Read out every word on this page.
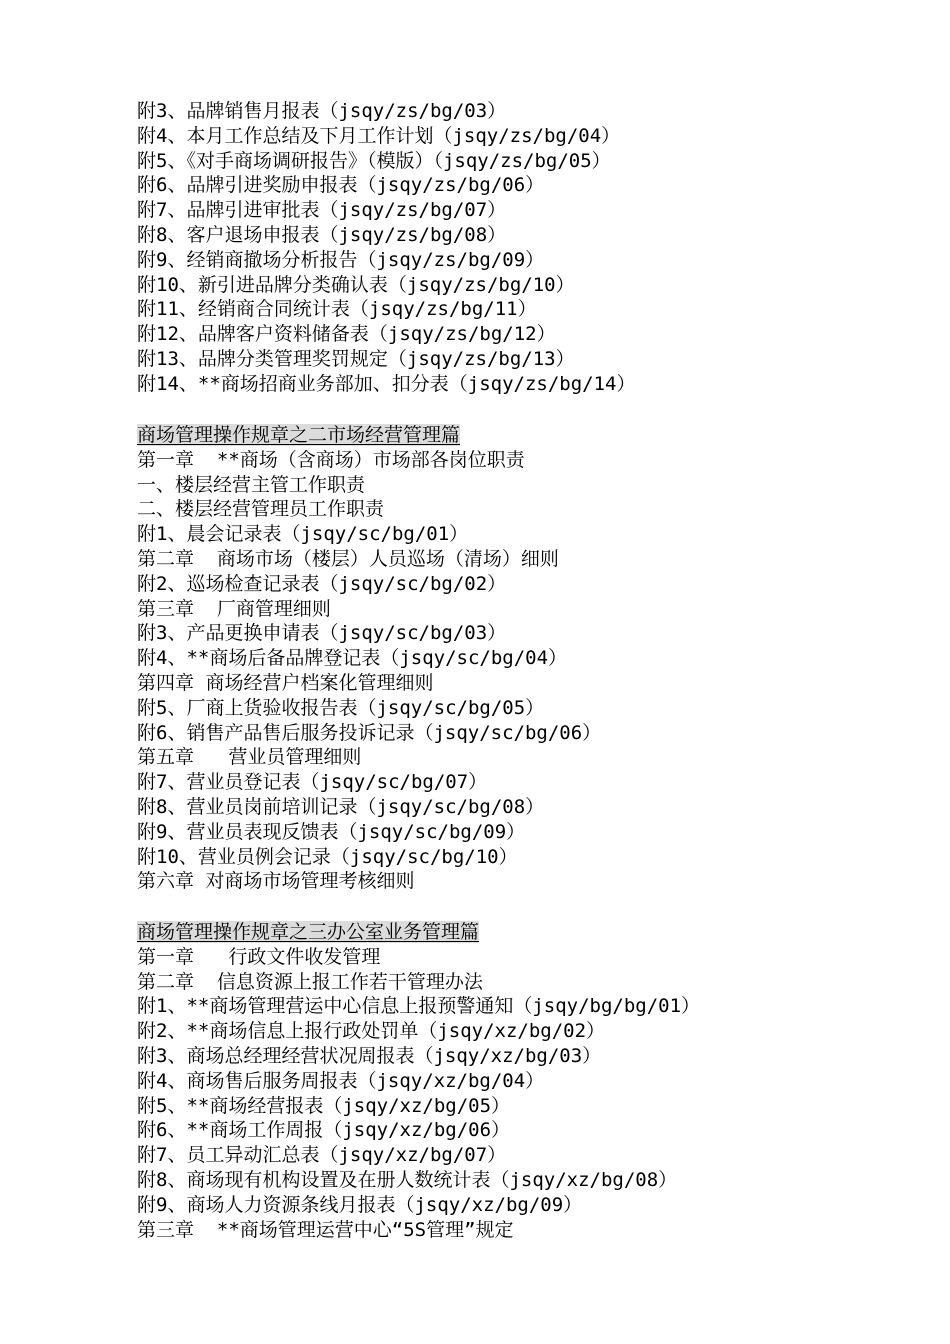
附3、品牌销售月报表（jsqy/zs/bg/03）
附4、本月工作总结及下月工作计划（jsqy/zs/bg/04）
附5、《对手商场调研报告》（模版）（jsqy/zs/bg/05）
附6、品牌引进奖励申报表（jsqy/zs/bg/06）
附7、品牌引进审批表（jsqy/zs/bg/07）
附8、客户退场申报表（jsqy/zs/bg/08）
附9、经销商撤场分析报告（jsqy/zs/bg/09）
附10、新引进品牌分类确认表（jsqy/zs/bg/10）
附11、经销商合同统计表（jsqy/zs/bg/11）
附12、品牌客户资料储备表（jsqy/zs/bg/12）
附13、品牌分类管理奖罚规定（jsqy/zs/bg/13）
附14、**商场招商业务部加、扣分表（jsqy/zs/bg/14）
商场管理操作规章之二市场经营管理篇
第一章  **商场（含商场）市场部各岗位职责
一、楼层经营主管工作职责
二、楼层经营管理员工作职责
附1、晨会记录表（jsqy/sc/bg/01）
第二章  商场市场（楼层）人员巡场（清场）细则
附2、巡场检查记录表（jsqy/sc/bg/02）
第三章  厂商管理细则
附3、产品更换申请表（jsqy/sc/bg/03）
附4、**商场后备品牌登记表（jsqy/sc/bg/04）
第四章 商场经营户档案化管理细则
附5、厂商上货验收报告表（jsqy/sc/bg/05）
附6、销售产品售后服务投诉记录（jsqy/sc/bg/06）
第五章   营业员管理细则
附7、营业员登记表（jsqy/sc/bg/07）
附8、营业员岗前培训记录（jsqy/sc/bg/08）
附9、营业员表现反馈表（jsqy/sc/bg/09）
附10、营业员例会记录（jsqy/sc/bg/10）
第六章 对商场市场管理考核细则
商场管理操作规章之三办公室业务管理篇
第一章   行政文件收发管理
第二章  信息资源上报工作若干管理办法
附1、**商场管理营运中心信息上报预警通知（jsqy/bg/bg/01）
附2、**商场信息上报行政处罚单（jsqy/xz/bg/02）
附3、商场总经理经营状况周报表（jsqy/xz/bg/03）
附4、商场售后服务周报表（jsqy/xz/bg/04）
附5、**商场经营报表（jsqy/xz/bg/05）
附6、**商场工作周报（jsqy/xz/bg/06）
附7、员工异动汇总表（jsqy/xz/bg/07）
附8、商场现有机构设置及在册人数统计表（jsqy/xz/bg/08）
附9、商场人力资源条线月报表（jsqy/xz/bg/09）
第三章  **商场管理运营中心“5S管理”规定
